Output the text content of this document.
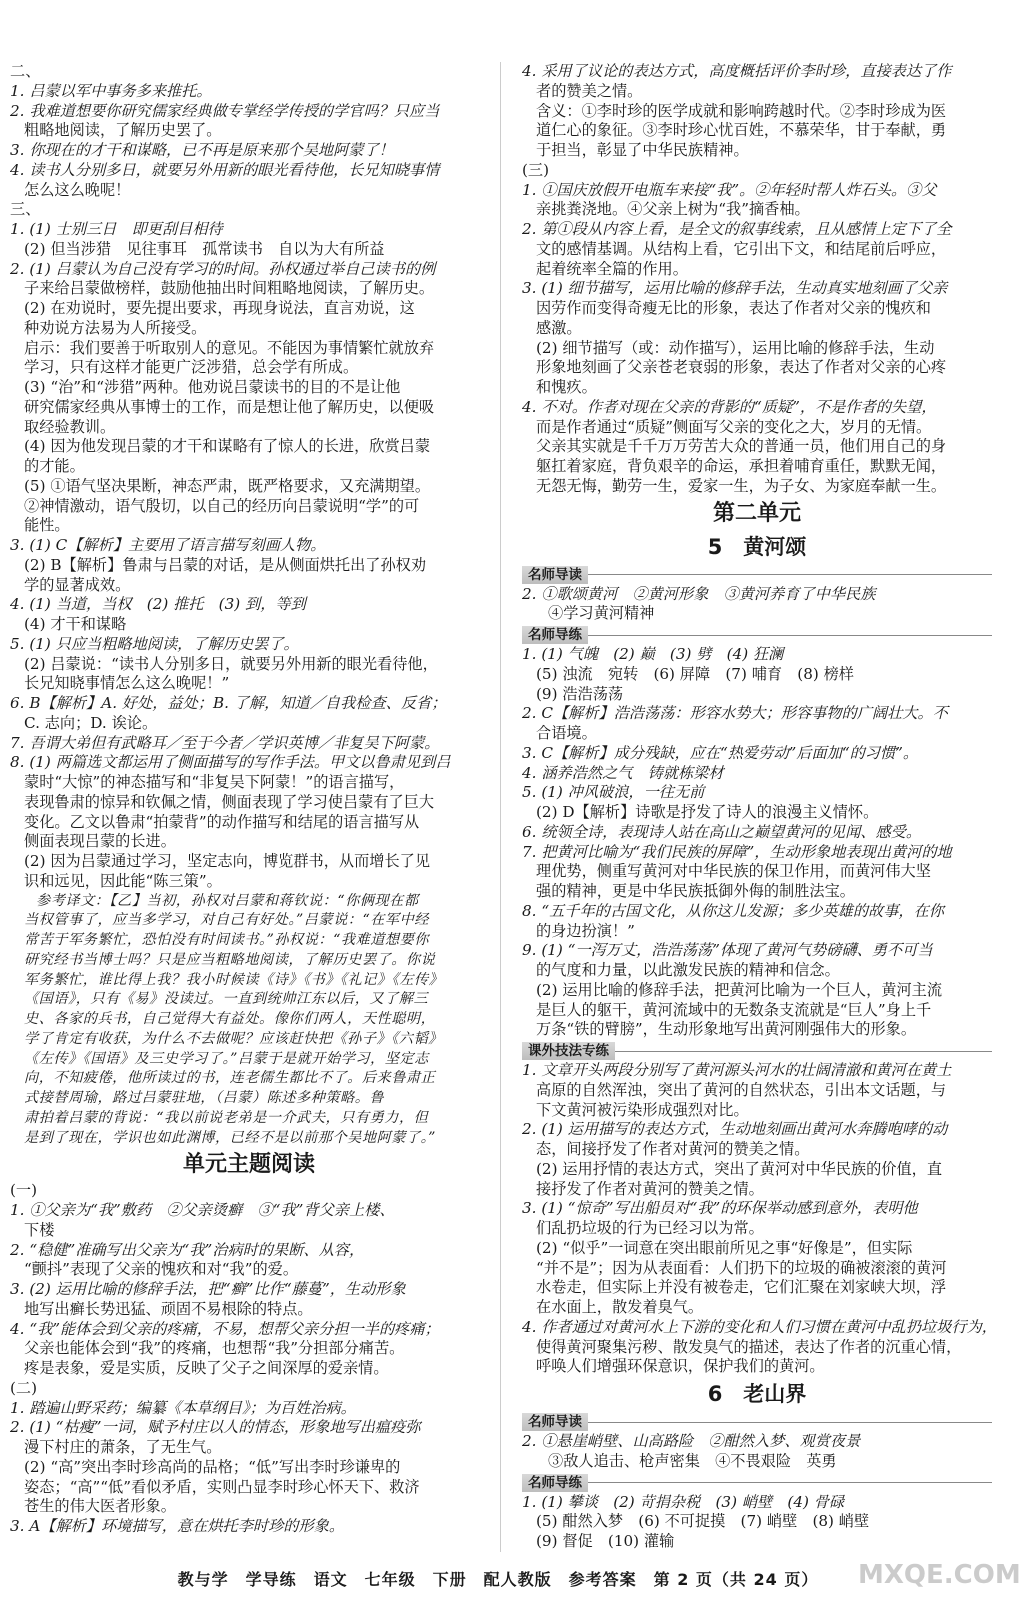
二、
1. 吕蒙以军中事务多来推托。
2. 我难道想要你研究儒家经典做专掌经学传授的学官吗？只应当
粗略地阅读，了解历史罢了。
3. 你现在的才干和谋略，已不再是原来那个吴地阿蒙了！
4. 读书人分别多日，就要另外用新的眼光看待他，长兄知晓事情
怎么这么晚呢！
三、
1. (1) 士别三日　即更刮目相待
(2) 但当涉猎　见往事耳　孤常读书　自以为大有所益
2. (1) 吕蒙认为自己没有学习的时间。孙权通过举自己读书的例
子来给吕蒙做榜样，鼓励他抽出时间粗略地阅读，了解历史。
(2) 在劝说时，要先提出要求，再现身说法，直言劝说，这
种劝说方法易为人所接受。
启示：我们要善于听取别人的意见。不能因为事情繁忙就放弃
学习，只有这样才能更广泛涉猎，总会学有所成。
(3) “治”和“涉猎”两种。他劝说吕蒙读书的目的不是让他
研究儒家经典从事博士的工作，而是想让他了解历史，以便吸
取经验教训。
(4) 因为他发现吕蒙的才干和谋略有了惊人的长进，欣赏吕蒙
的才能。
(5) ①语气坚决果断，神态严肃，既严格要求，又充满期望。
②神情激动，语气殷切，以自己的经历向吕蒙说明“学”的可
能性。
3. (1) C【解析】主要用了语言描写刻画人物。
(2) B【解析】鲁肃与吕蒙的对话，是从侧面烘托出了孙权劝
学的显著成效。
4. (1) 当道，当权　(2) 推托　(3) 到，等到
(4) 才干和谋略
5. (1) 只应当粗略地阅读，了解历史罢了。
(2) 吕蒙说：“读书人分别多日，就要另外用新的眼光看待他，
长兄知晓事情怎么这么晚呢！”
6. B【解析】A. 好处，益处；B. 了解，知道／自我检查、反省；
C. 志向；D. 诶论。
7. 吾谓大弟但有武略耳／至于今者／学识英博／非复吴下阿蒙。
8. (1) 两篇选文都运用了侧面描写的写作手法。甲文以鲁肃见到吕
蒙时“大惊”的神态描写和“非复吴下阿蒙！”的语言描写，
表现鲁肃的惊异和钦佩之情，侧面表现了学习使吕蒙有了巨大
变化。乙文以鲁肃“拍蒙背”的动作描写和结尾的语言描写从
侧面表现吕蒙的长进。
(2) 因为吕蒙通过学习，坚定志向，博览群书，从而增长了见
识和远见，因此能“陈三策”。
参考译文：【乙】当初，孙权对吕蒙和蒋钦说：“你俩现在都
当权管事了，应当多学习，对自己有好处。”吕蒙说：“在军中经
常苦于军务繁忙，恐怕没有时间读书。”孙权说：“我难道想要你
研究经书当博士吗？只是应当粗略地阅读，了解历史罢了。你说
军务繁忙，谁比得上我？我小时候读《诗》《书》《礼记》《左传》
《国语》，只有《易》没读过。一直到统帅江东以后，又了解三
史、各家的兵书，自己觉得大有益处。像你们两人，天性聪明，
学了肯定有收获，为什么不去做呢？应该赶快把《孙子》《六韬》
《左传》《国语》及三史学习了。”吕蒙于是就开始学习，坚定志
向，不知疲倦，他所读过的书，连老儒生都比不了。后来鲁肃正
式接替周瑜，路过吕蒙驻地，（吕蒙）陈述多种策略。鲁
肃拍着吕蒙的背说：“我以前说老弟是一介武夫，只有勇力，但
是到了现在，学识也如此渊博，已经不是以前那个吴地阿蒙了。”
单元主题阅读
(一)
1. ①父亲为“我”敷药　②父亲烫癣　③“我”背父亲上楼、
下楼
2. “稳健”准确写出父亲为“我”治病时的果断、从容，
“颤抖”表现了父亲的愧疚和对“我”的爱。
3. (2) 运用比喻的修辞手法，把“癣”比作“藤蔓”，生动形象
地写出癣长势迅猛、顽固不易根除的特点。
4. “我”能体会到父亲的疼痛，不易，想帮父亲分担一半的疼痛；
父亲也能体会到“我”的疼痛，也想帮“我”分担部分痛苦。
疼是表象，爱是实质，反映了父子之间深厚的爱亲情。
(二)
1. 踏遍山野采药；编纂《本草纲目》；为百姓治病。
2. (1) “枯瘦”一词，赋予村庄以人的情态，形象地写出瘟疫弥
漫下村庄的萧条，了无生气。
(2) “高”突出李时珍高尚的品格；“低”写出李时珍谦卑的
姿态；“高”“低”看似矛盾，实则凸显李时珍心怀天下、救济
苍生的伟大医者形象。
3. A【解析】环境描写，意在烘托李时珍的形象。
4. 采用了议论的表达方式，高度概括评价李时珍，直接表达了作
者的赞美之情。
含义：①李时珍的医学成就和影响跨越时代。②李时珍成为医
道仁心的象征。③李时珍心忧百姓，不慕荣华，甘于奉献，勇
于担当，彰显了中华民族精神。
(三)
1. ①国庆放假开电瓶车来接“我”。②年轻时帮人炸石头。③父
亲挑粪浇地。④父亲上树为“我”摘香柚。
2. 第①段从内容上看，是全文的叙事线索，且从感情上定下了全
文的感情基调。从结构上看，它引出下文，和结尾前后呼应，
起着统率全篇的作用。
3. (1) 细节描写，运用比喻的修辞手法，生动真实地刻画了父亲
因劳作而变得奇瘦无比的形象，表达了作者对父亲的愧疚和
感激。
(2) 细节描写（或：动作描写），运用比喻的修辞手法，生动
形象地刻画了父亲苍老衰弱的形象，表达了作者对父亲的心疼
和愧疚。
4. 不对。作者对现在父亲的背影的“质疑”，不是作者的失望，
而是作者通过“质疑”侧面写父亲的变化之大，岁月的无情。
父亲其实就是千千万万劳苦大众的普通一员，他们用自己的身
躯扛着家庭，背负艰辛的命运，承担着哺育重任，默默无闻，
无怨无悔，勤劳一生，爱家一生，为子女、为家庭奉献一生。
第二单元
5　黄河颂
名师导读
2. ①歌颂黄河　②黄河形象　③黄河养育了中华民族
④学习黄河精神
名师导练
1. (1) 气魄　(2) 巅　(3) 劈　(4) 狂澜
(5) 浊流　宛转　(6) 屏障　(7) 哺育　(8) 榜样
(9) 浩浩荡荡
2. C【解析】浩浩荡荡：形容水势大；形容事物的广阔壮大。不
合语境。
3. C【解析】成分残缺，应在“热爱劳动”后面加“的习惯”。
4. 涵养浩然之气　铸就栋梁材
5. (1) 冲风破浪，一往无前
(2) D【解析】诗歌是抒发了诗人的浪漫主义情怀。
6. 统领全诗，表现诗人站在高山之巅望黄河的见闻、感受。
7. 把黄河比喻为“我们民族的屏障”，生动形象地表现出黄河的地
理优势，侧重写黄河对中华民族的保卫作用，而黄河伟大坚
强的精神，更是中华民族抵御外侮的制胜法宝。
8. “五千年的古国文化，从你这儿发源；多少英雄的故事，在你
的身边扮演！”
9. (1) “一泻万丈，浩浩荡荡”体现了黄河气势磅礴、勇不可当
的气度和力量，以此激发民族的精神和信念。
(2) 运用比喻的修辞手法，把黄河比喻为一个巨人，黄河主流
是巨人的躯干，黄河流域中的无数条支流就是“巨人”身上千
万条“铁的臂膀”，生动形象地写出黄河刚强伟大的形象。
课外技法专练
1. 文章开头两段分别写了黄河源头河水的壮阔清澈和黄河在黄土
高原的自然浑浊，突出了黄河的自然状态，引出本文话题，与
下文黄河被污染形成强烈对比。
2. (1) 运用描写的表达方式，生动地刻画出黄河水奔腾咆哮的动
态，间接抒发了作者对黄河的赞美之情。
(2) 运用抒情的表达方式，突出了黄河对中华民族的价值，直
接抒发了作者对黄河的赞美之情。
3. (1) “惊奇”写出船员对“我”的环保举动感到意外，表明他
们乱扔垃圾的行为已经习以为常。
(2) “似乎”一词意在突出眼前所见之事“好像是”，但实际
“并不是”；因为从表面看：人们扔下的垃圾的确被滚滚的黄河
水卷走，但实际上并没有被卷走，它们汇聚在刘家峡大坝，浮
在水面上，散发着臭气。
4. 作者通过对黄河水上下游的变化和人们习惯在黄河中乱扔垃圾行为，
使得黄河聚集污秽、散发臭气的描述，表达了作者的沉重心情，
呼唤人们增强环保意识，保护我们的黄河。
6　老山界
名师导读
2. ①悬崖峭壁、山高路险　②酣然入梦、观赏夜景
③敌人追击、枪声密集　④不畏艰险　英勇
名师导练
1. (1) 攀谈　(2) 苛捐杂税　(3) 峭壁　(4) 骨碌
(5) 酣然入梦　(6) 不可捉摸　(7) 峭壁　(8) 峭壁
(9) 督促　(10) 灌输
教与学　学导练　语文　七年级　下册　配人教版　参考答案　第 2 页（共 24 页）	MXQE.COM
